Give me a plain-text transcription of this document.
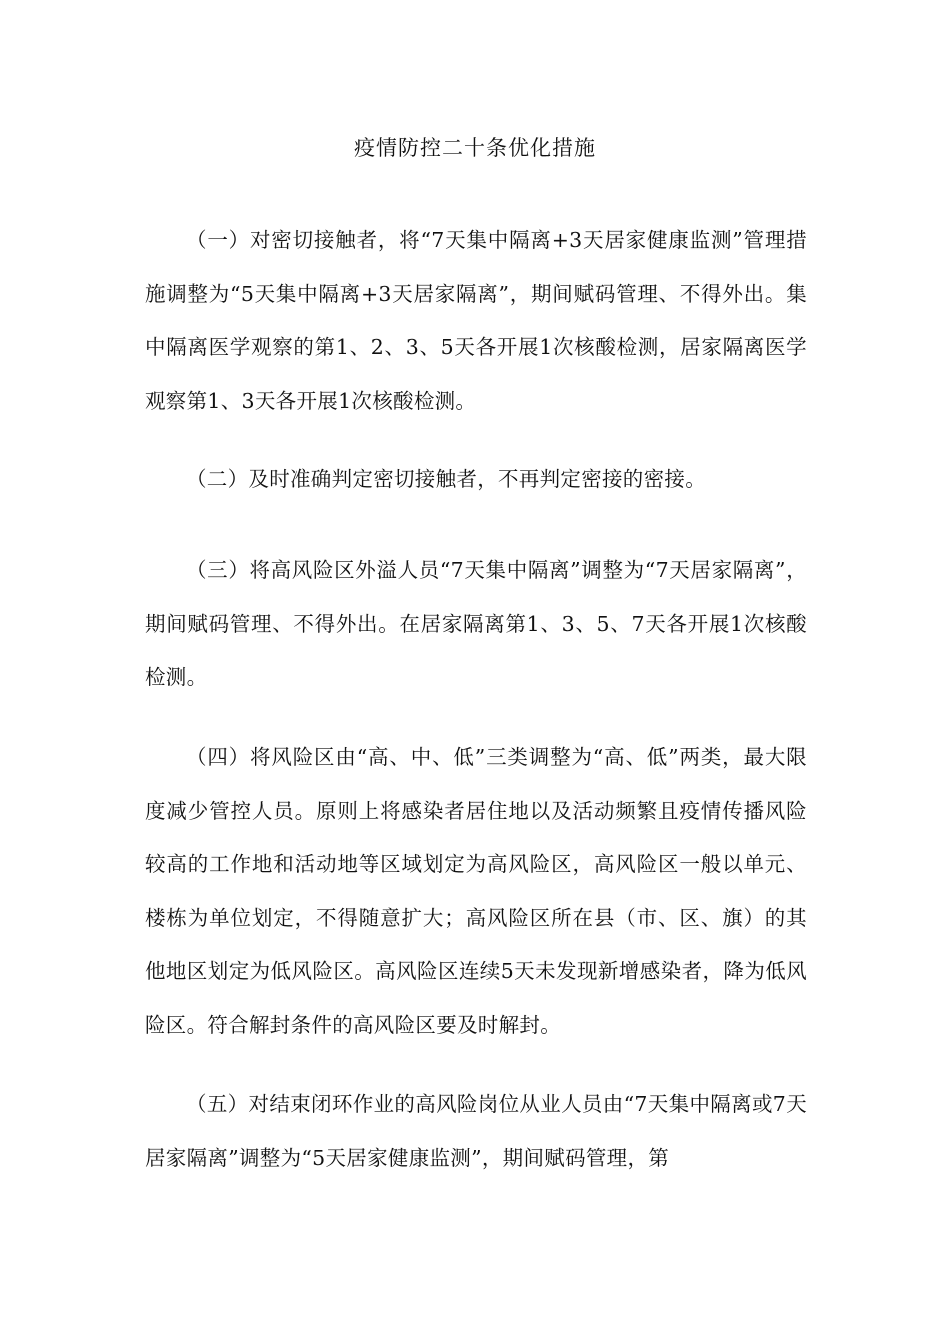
疫情防控二十条优化措施

（一）对密切接触者，将“7天集中隔离+3天居家健康监测”管理措施调整为“5天集中隔离+3天居家隔离”，期间赋码管理、不得外出。集中隔离医学观察的第1、2、3、5天各开展1次核酸检测，居家隔离医学观察第1、3天各开展1次核酸检测。

（二）及时准确判定密切接触者，不再判定密接的密接。

（三）将高风险区外溢人员“7天集中隔离”调整为“7天居家隔离”，期间赋码管理、不得外出。在居家隔离第1、3、5、7天各开展1次核酸检测。

（四）将风险区由“高、中、低”三类调整为“高、低”两类，最大限度减少管控人员。原则上将感染者居住地以及活动频繁且疫情传播风险较高的工作地和活动地等区域划定为高风险区，高风险区一般以单元、楼栋为单位划定，不得随意扩大；高风险区所在县（市、区、旗）的其他地区划定为低风险区。高风险区连续5天未发现新增感染者，降为低风险区。符合解封条件的高风险区要及时解封。

（五）对结束闭环作业的高风险岗位从业人员由“7天集中隔离或7天居家隔离”调整为“5天居家健康监测”，期间赋码管理，第
